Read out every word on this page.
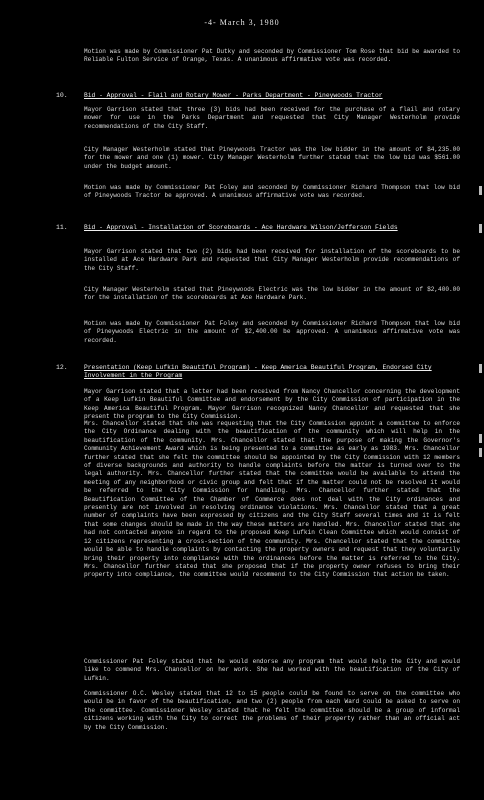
-4- March 3, 1980

Motion was made by Commissioner Pat Dutky and seconded by Commissioner Tom Rose that bid be awarded to Reliable Fulton Service of Orange, Texas. A unanimous affirmative vote was recorded.

10.	Bid - Approval - Flail and Rotary Mower - Parks Department - Pineywoods Tractor

Mayor Garrison stated that three (3) bids had been received for the purchase of a flail and rotary mower for use in the Parks Department and requested that City Manager Westerholm provide recommendations of the City Staff.

City Manager Westerholm stated that Pineywoods Tractor was the low bidder in the amount of $4,235.00 for the mower and one (1) mower. City Manager Westerholm further stated that the low bid was $561.00 under the budget amount.

Motion was made by Commissioner Pat Foley and seconded by Commissioner Richard Thompson that low bid of Pineywoods Tractor be approved. A unanimous affirmative vote was recorded.

11.	Bid - Approval - Installation of Scoreboards - Ace Hardware Wilson/Jefferson Fields

Mayor Garrison stated that two (2) bids had been received for installation of the scoreboards to be installed at Ace Hardware Park and requested that City Manager Westerholm provide recommendations of the City Staff.

City Manager Westerholm stated that Pineywoods Electric was the low bidder in the amount of $2,400.00 for the installation of the scoreboards at Ace Hardware Park.

Motion was made by Commissioner Pat Foley and seconded by Commissioner Richard Thompson that low bid of Pineywoods Electric in the amount of $2,400.00 be approved. A unanimous affirmative vote was recorded.

12.	Presentation (Keep Lufkin Beautiful Program) - Keep America Beautiful Program, Endorsed City Involvement in the Program

Mayor Garrison stated that a letter had been received from Nancy Chancellor concerning the development of a Keep Lufkin Beautiful Committee and endorsement by the City Commission of participation in the Keep America Beautiful Program. Mayor Garrison recognized Nancy Chancellor and requested that she present the program to the City Commission.

Mrs. Chancellor stated that she was requesting that the City Commission appoint a committee to enforce the City Ordinance dealing with the beautification of the community which will help in the beautification of the community. Mrs. Chancellor stated that the purpose of making the Governor's Community Achievement Award which is being presented to a committee as early as 1983. Mrs. Chancellor further stated that she felt the committee should be appointed by the City Commission with 12 members of diverse backgrounds and authority to handle complaints before the matter is turned over to the legal authority. Mrs. Chancellor further stated that the committee would be available to attend the meeting of any neighborhood or civic group and felt that if the matter could not be resolved it would be referred to the City Commission for handling. Mrs. Chancellor further stated that the Beautification Committee of the Chamber of Commerce does not deal with the City ordinances and presently are not involved in resolving ordinance violations. Mrs. Chancellor stated that a great number of complaints have been expressed by citizens and the City Staff several times and it is felt that some changes should be made in the way these matters are handled. Mrs. Chancellor stated that she had not contacted anyone in regard to the proposed Keep Lufkin Clean Committee which would consist of 12 citizens representing a cross-section of the community. Mrs. Chancellor stated that the committee would be able to handle complaints by contacting the property owners and request that they voluntarily bring their property into compliance with the ordinances before the matter is referred to the City. Mrs. Chancellor further stated that she proposed that if the property owner refuses to bring their property into compliance, the committee would recommend to the City Commission that action be taken.

Commissioner Pat Foley stated that he would endorse any program that would help the City and would like to commend Mrs. Chancellor on her work. She had worked with the beautification of the City of Lufkin.

Commissioner O.C. Wesley stated that 12 to 15 people could be found to serve on the committee who would be in favor of the beautification, and two (2) people from each Ward could be asked to serve on the committee. Commissioner Wesley stated that he felt the committee should be a group of informal citizens working with the City to correct the problems of their property rather than an official act by the City Commission.
